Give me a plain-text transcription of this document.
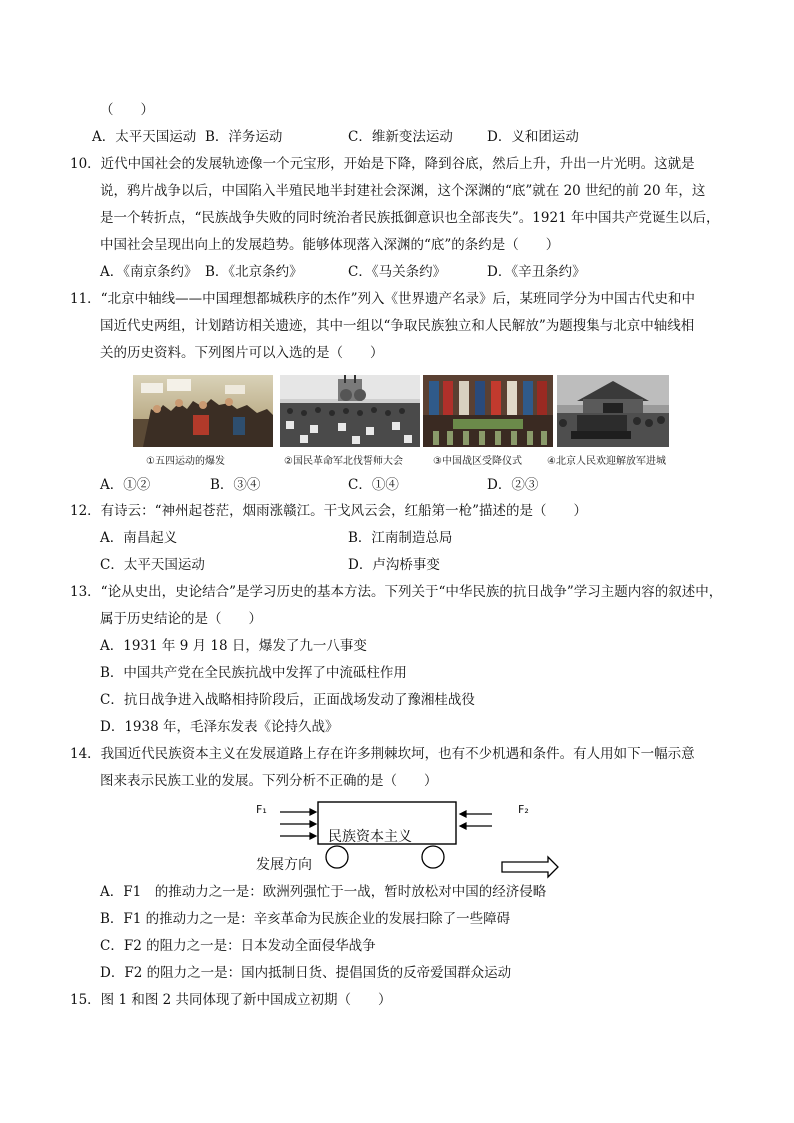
（　　）
A．太平天国运动 B．洋务运动	C．维新变法运动	D．义和团运动
10．近代中国社会的发展轨迹像一个元宝形，开始是下降，降到谷底，然后上升，升出一片光明。这就是
说，鸦片战争以后，中国陷入半殖民地半封建社会深渊，这个深渊的“底”就在 20 世纪的前 20 年，这
是一个转折点，“民族战争失败的同时统治者民族抵御意识也全部丧失”。1921 年中国共产党诞生以后，
中国社会呈现出向上的发展趋势。能够体现落入深渊的“底”的条约是（　　）
A．《南京条约》 B．《北京条约》	C．《马关条约》	D．《辛丑条约》
11．“北京中轴线——中国理想都城秩序的杰作”列入《世界遗产名录》后，某班同学分为中国古代史和中
国近代史两组，计划踏访相关遗迹，其中一组以“争取民族独立和人民解放”为题搜集与北京中轴线相
关的历史资料。下列图片可以入选的是（　　）
①五四运动的爆发	②国民革命军北伐誓师大会	③中国战区受降仪式	④北京人民欢迎解放军进城
A．①②	B．③④	C．①④	D．②③
12．有诗云：“神州起苍茫，烟雨涨赣江。干戈风云会，红船第一枪”描述的是（　　）
A．南昌起义	B．江南制造总局
C．太平天国运动	D．卢沟桥事变
13．“论从史出，史论结合”是学习历史的基本方法。下列关于“中华民族的抗日战争”学习主题内容的叙述中，
属于历史结论的是（　　）
A．1931 年 9 月 18 日，爆发了九一八事变
B．中国共产党在全民族抗战中发挥了中流砥柱作用
C．抗日战争进入战略相持阶段后，正面战场发动了豫湘桂战役
D．1938 年，毛泽东发表《论持久战》
14．我国近代民族资本主义在发展道路上存在许多荆棘坎坷，也有不少机遇和条件。有人用如下一幅示意
图来表示民族工业的发展。下列分析不正确的是（　　）
F₁	F₂
民族资本主义
发展方向
A．F1　的推动力之一是：欧洲列强忙于一战，暂时放松对中国的经济侵略
B．F1 的推动力之一是：辛亥革命为民族企业的发展扫除了一些障碍
C．F2 的阻力之一是：日本发动全面侵华战争
D．F2 的阻力之一是：国内抵制日货、提倡国货的反帝爱国群众运动
15．图 1 和图 2 共同体现了新中国成立初期（　　）
